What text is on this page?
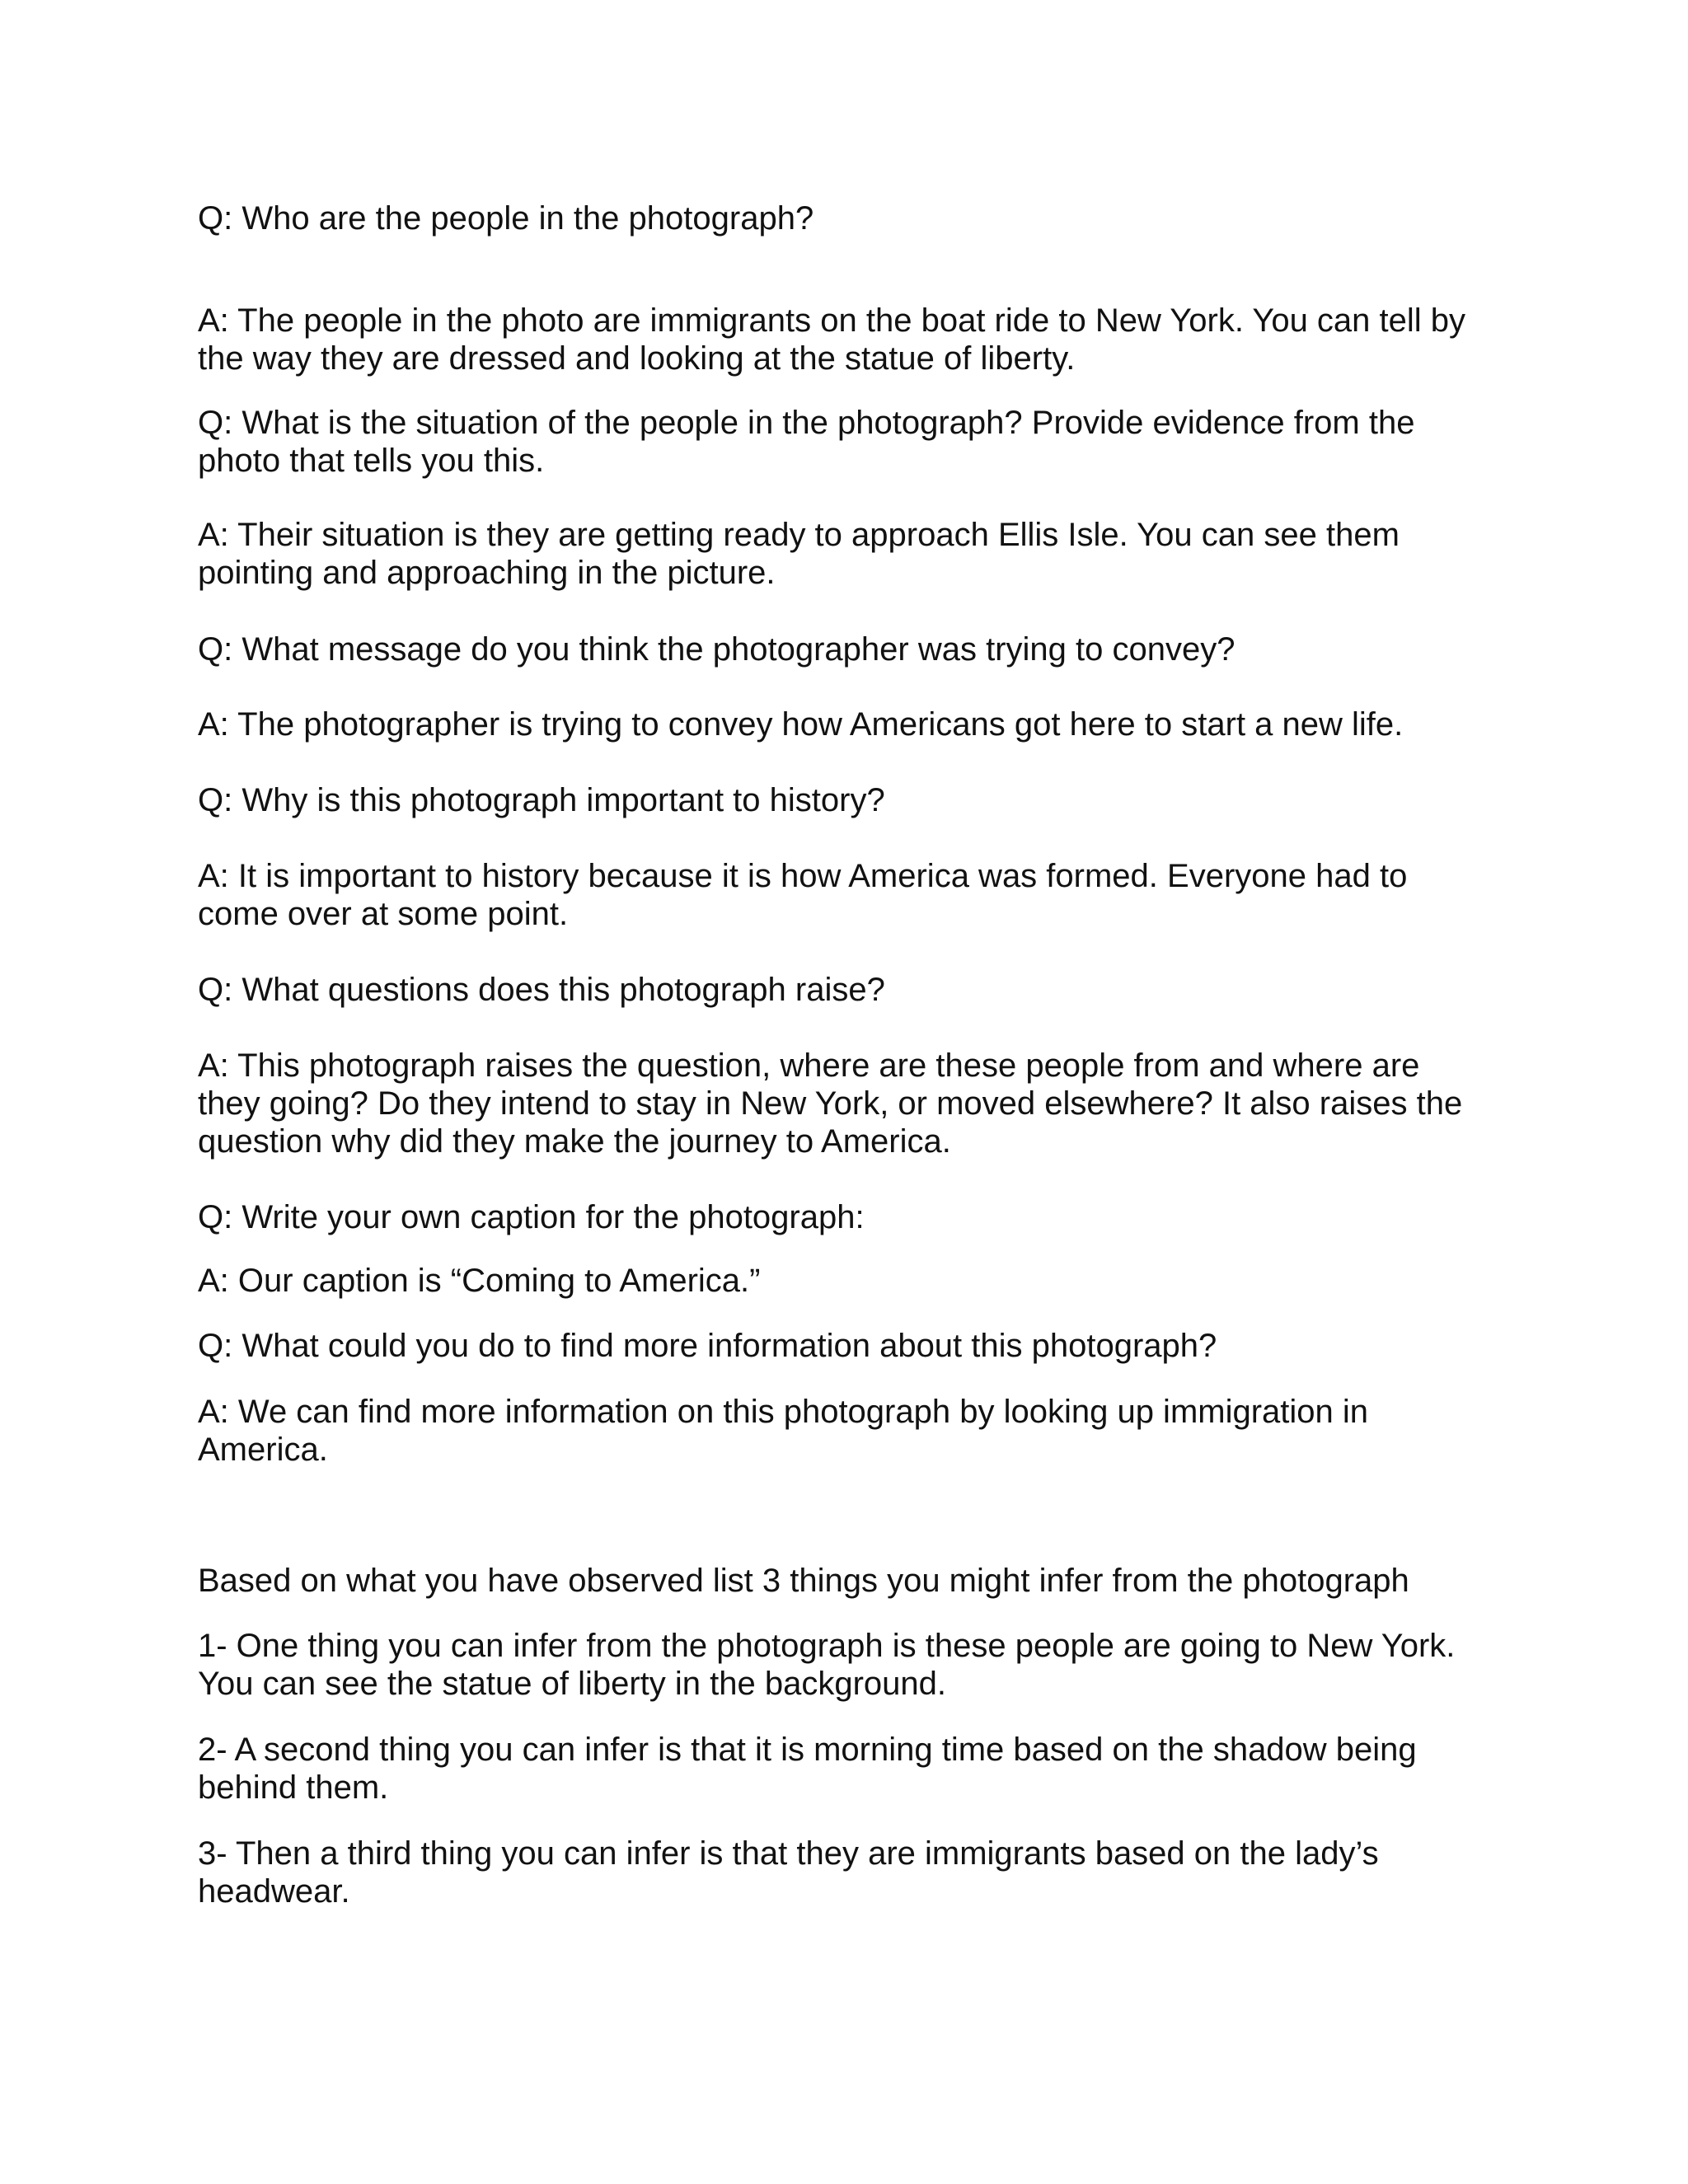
Q: Who are the people in the photograph?

A: The people in the photo are immigrants on the boat ride to New York. You can tell by

the way they are dressed and looking at the statue of liberty.

Q: What is the situation of the people in the photograph? Provide evidence from the

photo that tells you this.

A: Their situation is they are getting ready to approach Ellis Isle. You can see them

pointing and approaching in the picture.

Q: What message do you think the photographer was trying to convey?

A: The photographer is trying to convey how Americans got here to start a new life.

Q: Why is this photograph important to history?

A: It is important to history because it is how America was formed. Everyone had to

come over at some point.

Q: What questions does this photograph raise?

A: This photograph raises the question, where are these people from and where are

they going? Do they intend to stay in New York, or moved elsewhere? It also raises the

question why did they make the journey to America.

Q: Write your own caption for the photograph:

A: Our caption is “Coming to America.”

Q: What could you do to find more information about this photograph?

A: We can find more information on this photograph by looking up immigration in

America.

Based on what you have observed list 3 things you might infer from the photograph

1- One thing you can infer from the photograph is these people are going to New York.

You can see the statue of liberty in the background.

2- A second thing you can infer is that it is morning time based on the shadow being

behind them.

3- Then a third thing you can infer is that they are immigrants based on the lady’s

headwear.
